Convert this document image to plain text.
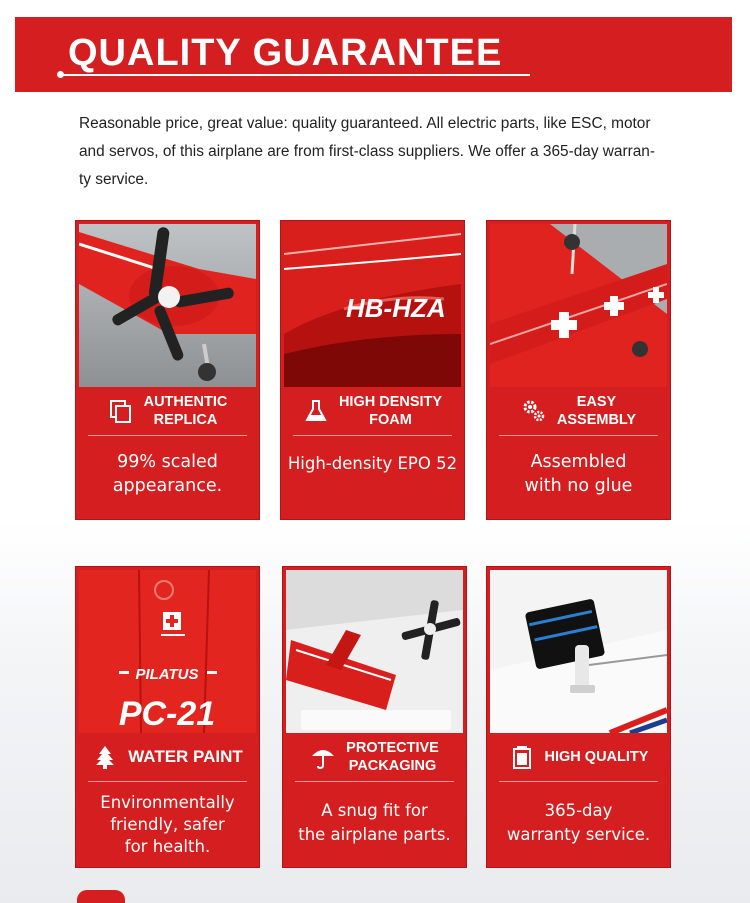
QUALITY GUARANTEE
Reasonable price, great value: quality guaranteed. All electric parts, like ESC, motor
and servos, of this airplane are from first-class suppliers. We offer a 365-day warran-
ty service.
AUTHENTIC
REPLICA
99% scaled
appearance.
HB-HZA
HIGH DENSITY
FOAM
High-density EPO 52
EASY
ASSEMBLY
Assembled
with no glue
PILATUS
PC-21
WATER PAINT
Environmentally
friendly, safer
for health.
PROTECTIVE
PACKAGING
A snug fit for
the airplane parts.
HIGH QUALITY
365-day
warranty service.
